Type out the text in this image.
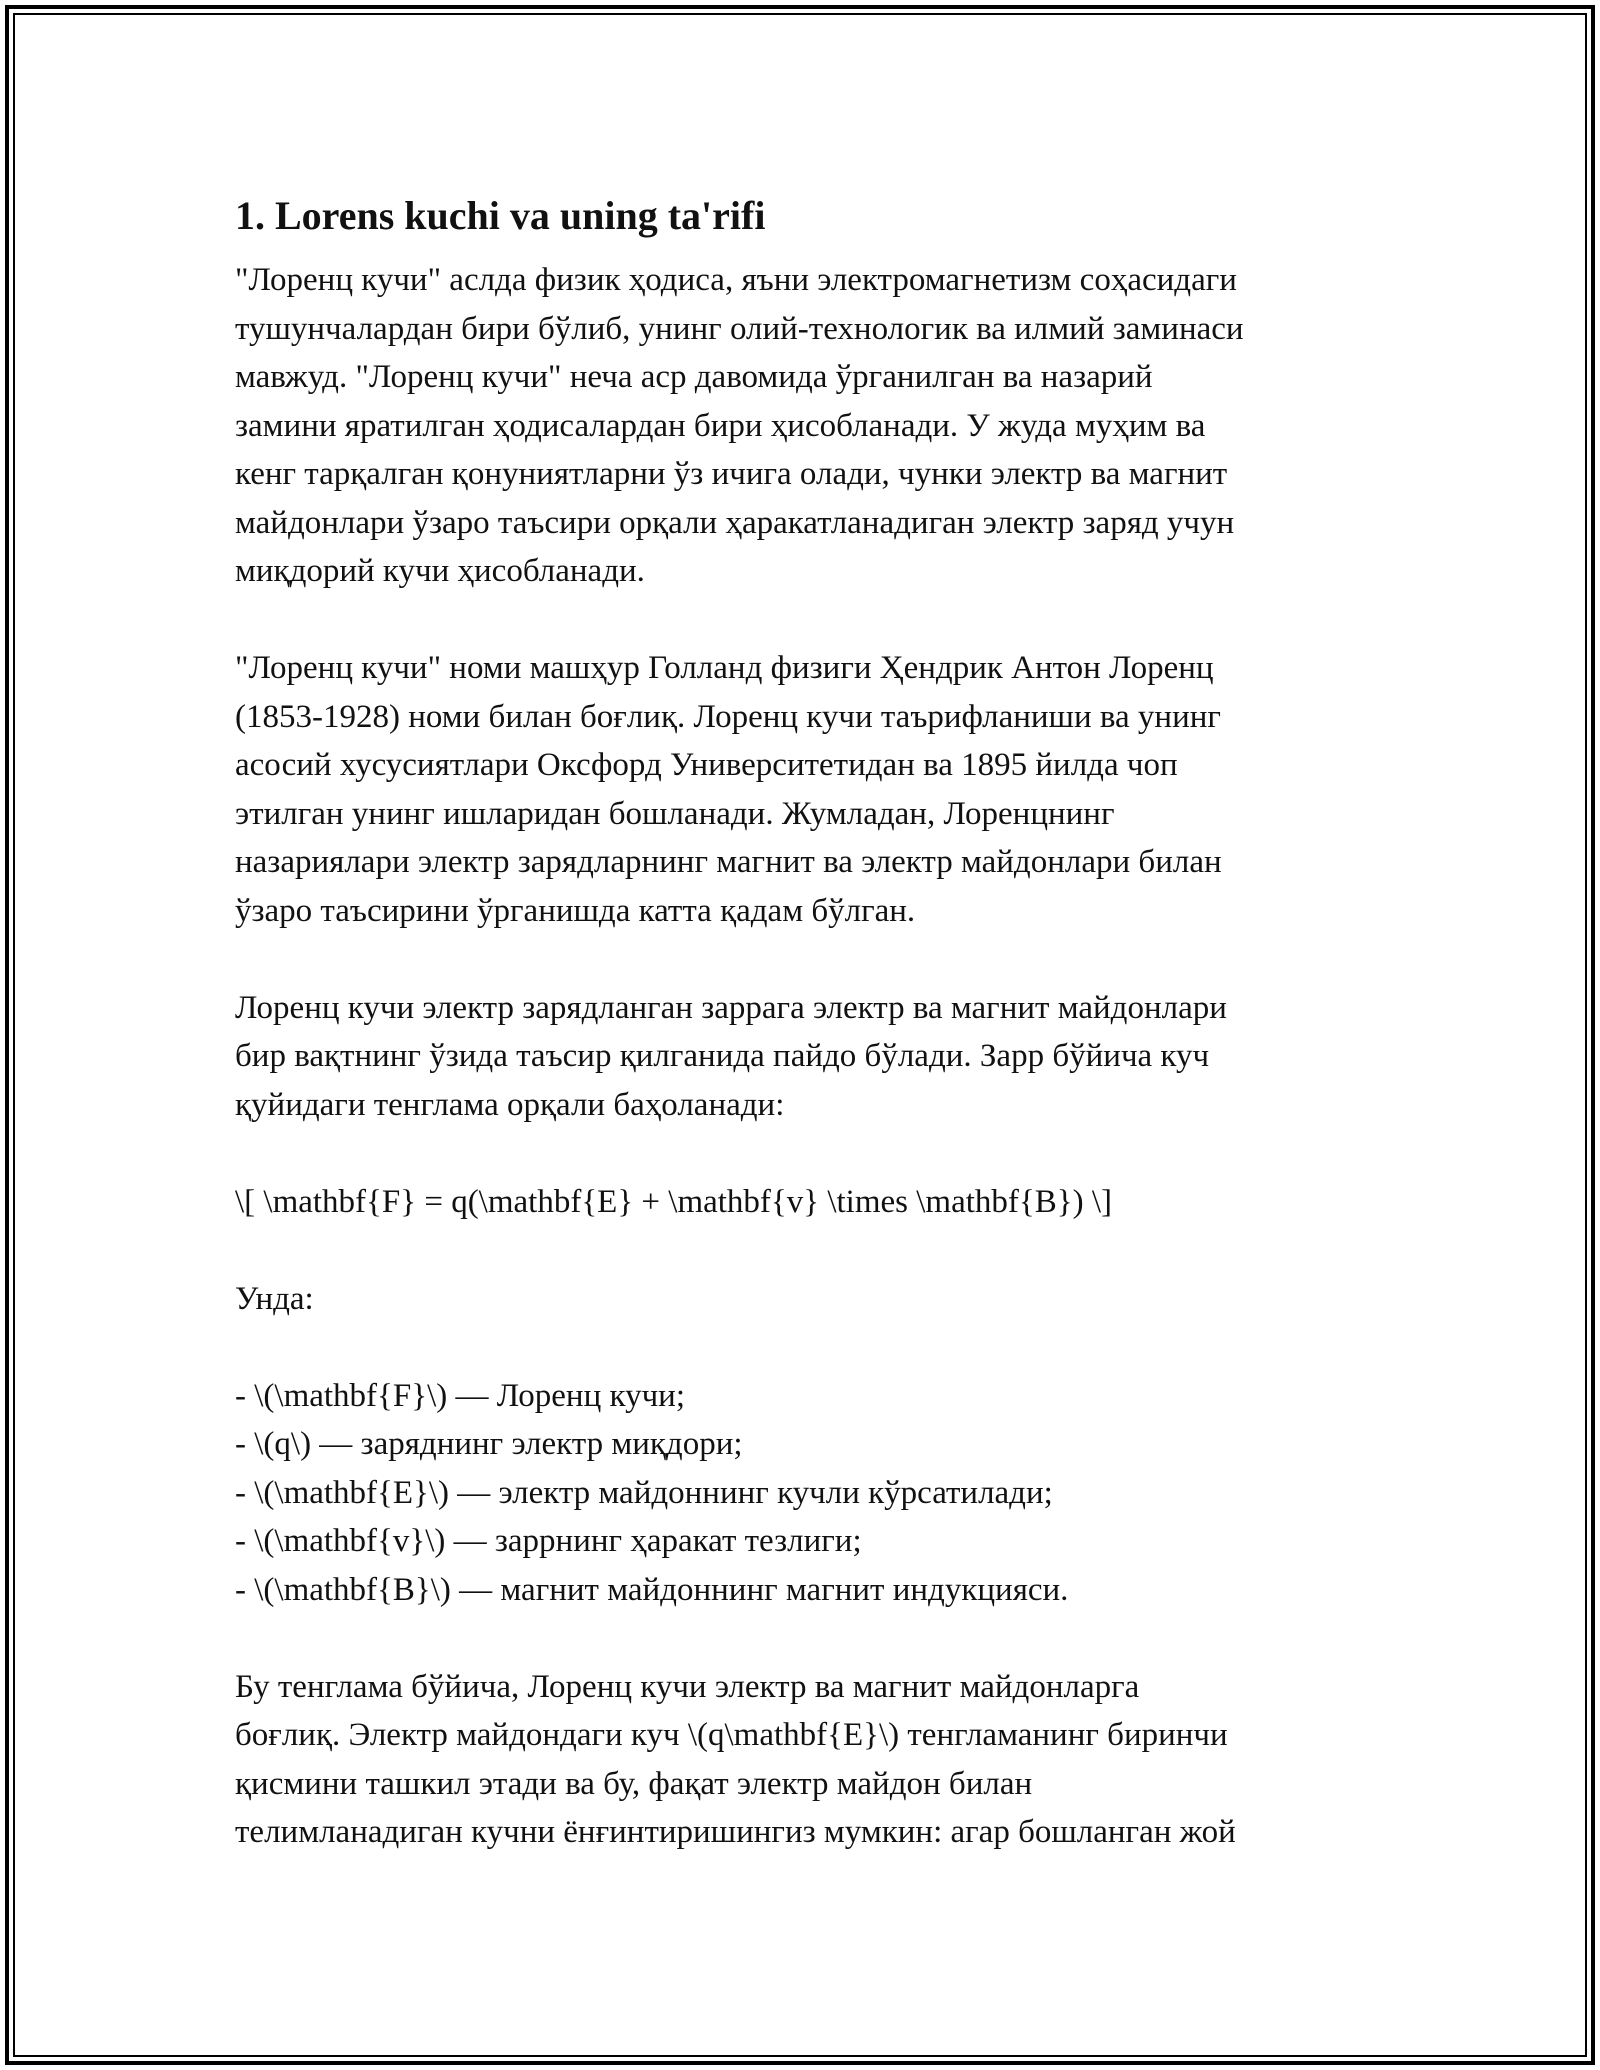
1. Lorens kuchi va uning ta'rifi
"Лоренц кучи" аслда физик ҳодиса, яъни электромагнетизм соҳасидаги
тушунчалардан бири бўлиб, унинг олий-технологик ва илмий заминаси
мавжуд. "Лоренц кучи" неча аср давомида ўрганилган ва назарий
замини яратилган ҳодисалардан бири ҳисобланади. У жуда муҳим ва
кенг тарқалган қонуниятларни ўз ичига олади, чунки электр ва магнит
майдонлари ўзаро таъсири орқали ҳаракатланадиган электр заряд учун
миқдорий кучи ҳисобланади.
"Лоренц кучи" номи машҳур Голланд физиги Ҳендрик Антон Лоренц
(1853-1928) номи билан боғлиқ. Лоренц кучи таърифланиши ва унинг
асосий хусусиятлари Оксфорд Университетидан ва 1895 йилда чоп
этилган унинг ишларидан бошланади. Жумладан, Лоренцнинг
назариялари электр зарядларнинг магнит ва электр майдонлари билан
ўзаро таъсирини ўрганишда катта қадам бўлган.
Лоренц кучи электр зарядланган заррага электр ва магнит майдонлари
бир вақтнинг ўзида таъсир қилганида пайдо бўлади. Зарр бўйича куч
қуйидаги тенглама орқали баҳоланади:
\[ \mathbf{F} = q(\mathbf{E} + \mathbf{v} \times \mathbf{B}) \]
Унда:
- \(\mathbf{F}\) — Лоренц кучи;
- \(q\) — заряднинг электр миқдори;
- \(\mathbf{E}\) — электр майдоннинг кучли кўрсатилади;
- \(\mathbf{v}\) — заррнинг ҳаракат тезлиги;
- \(\mathbf{B}\) — магнит майдоннинг магнит индукцияси.
Бу тенглама бўйича, Лоренц кучи электр ва магнит майдонларга
боғлиқ. Электр майдондаги куч \(q\mathbf{E}\) тенгламанинг биринчи
қисмини ташкил этади ва бу, фақат электр майдон билан
телимланадиган кучни ёнғинтиришингиз мумкин: агар бошланган жой
